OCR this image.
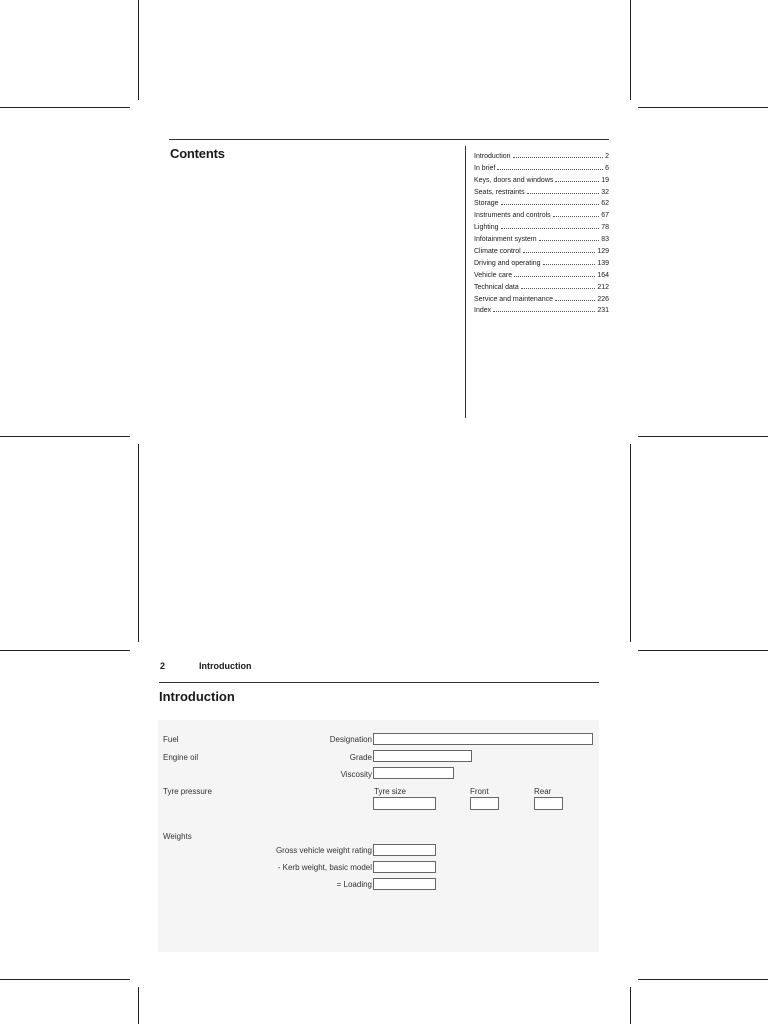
Contents	Introduction	2
In brief	6
Keys, doors and windows	19
Seats, restraints	32
Storage	62
Instruments and controls	67
Lighting	78
Infotainment system	83
Climate control	129
Driving and operating	139
Vehicle care	164
Technical data	212
Service and maintenance	226
Index	231
2	Introduction
Introduction
Fuel	Designation
Engine oil	Grade
Viscosity
Tyre pressure	Tyre size	Front	Rear
Weights
Gross vehicle weight rating
- Kerb weight, basic model
= Loading
